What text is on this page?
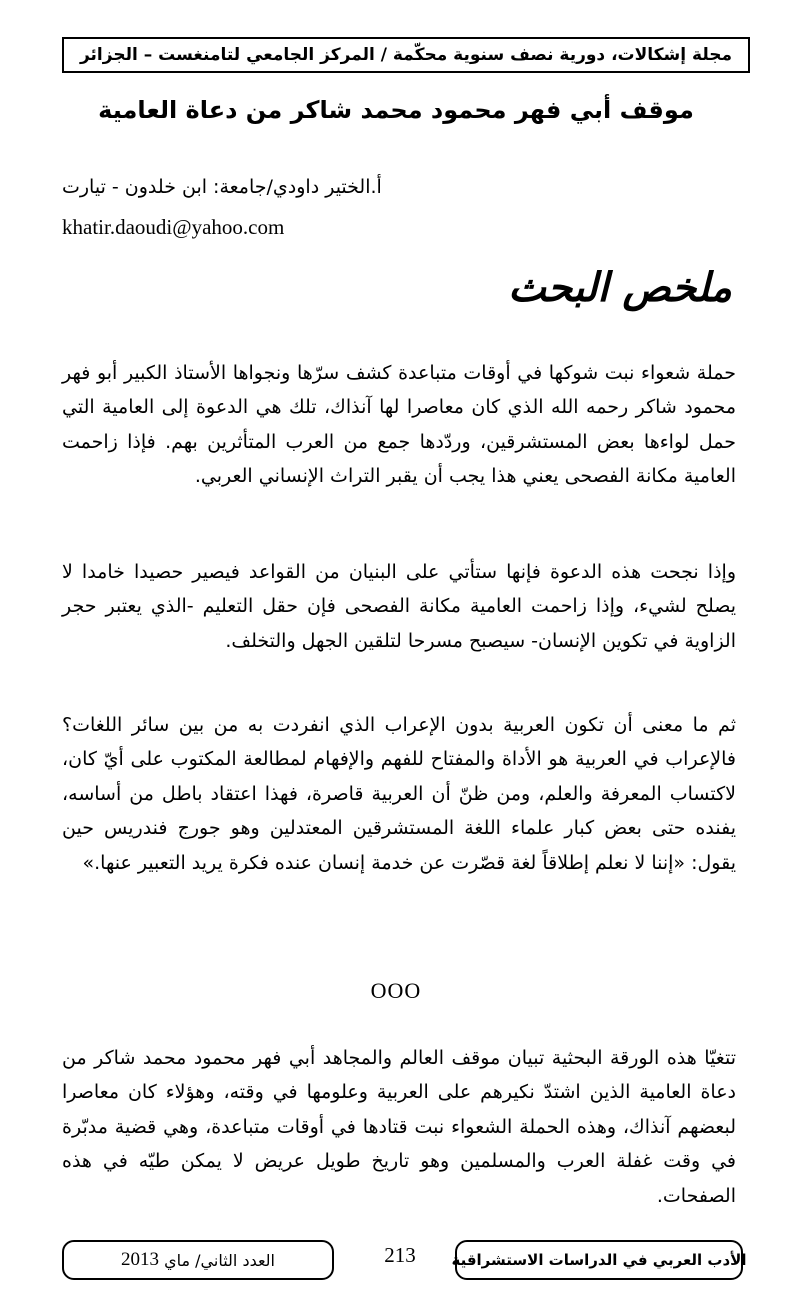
مجلة إشكالات، دورية نصف سنوية محكّمة / المركز الجامعي لتامنغست – الجزائر
موقف أبي فهر محمود محمد شاكر من دعاة العامية
أ.الختير داودي/جامعة: ابن خلدون - تيارت
khatir.daoudi@yahoo.com
ملخص البحث

حملة شعواء نبت شوكها في أوقات متباعدة كشف سرّها ونجواها الأستاذ الكبير أبو فهر محمود شاكر رحمه الله الذي كان معاصرا لها آنذاك، تلك هي الدعوة إلى العامية التي حمل لواءها بعض المستشرقين، وردّدها جمع من العرب المتأثرين بهم. فإذا زاحمت العامية مكانة الفصحى يعني هذا يجب أن يقبر التراث الإنساني العربي.

وإذا نجحت هذه الدعوة فإنها ستأتي على البنيان من القواعد فيصير حصيدا خامدا لا يصلح لشيء، وإذا زاحمت العامية مكانة الفصحى فإن حقل التعليم -الذي يعتبر حجر الزاوية في تكوين الإنسان- سيصبح مسرحا لتلقين الجهل والتخلف.

ثم ما معنى أن تكون العربية بدون الإعراب الذي انفردت به من بين سائر اللغات؟ فالإعراب في العربية هو الأداة والمفتاح للفهم والإفهام لمطالعة المكتوب على أيّ كان، لاكتساب المعرفة والعلم، ومن ظنّ أن العربية قاصرة، فهذا اعتقاد باطل من أساسه، يفنده حتى بعض كبار علماء اللغة المستشرقين المعتدلين وهو جورج فندريس حين يقول: «إننا لا نعلم إطلاقاً لغة قصّرت عن خدمة إنسان عنده فكرة يريد التعبير عنها.»

OOO

تتغيّا هذه الورقة البحثية تبيان موقف العالم والمجاهد أبي فهر محمود محمد شاكر من دعاة العامية الذين اشتدّ نكيرهم على العربية وعلومها في وقته، وهؤلاء كان معاصرا لبعضهم آنذاك، وهذه الحملة الشعواء نبت قتادها في أوقات متباعدة، وهي قضية مدبّرة في وقت غفلة العرب والمسلمين وهو تاريخ طويل عريض لا يمكن طيّه في هذه الصفحات.

العدد الثاني/ ماي

2013	213	الأدب العربي في الدراسات الاستشراقية
